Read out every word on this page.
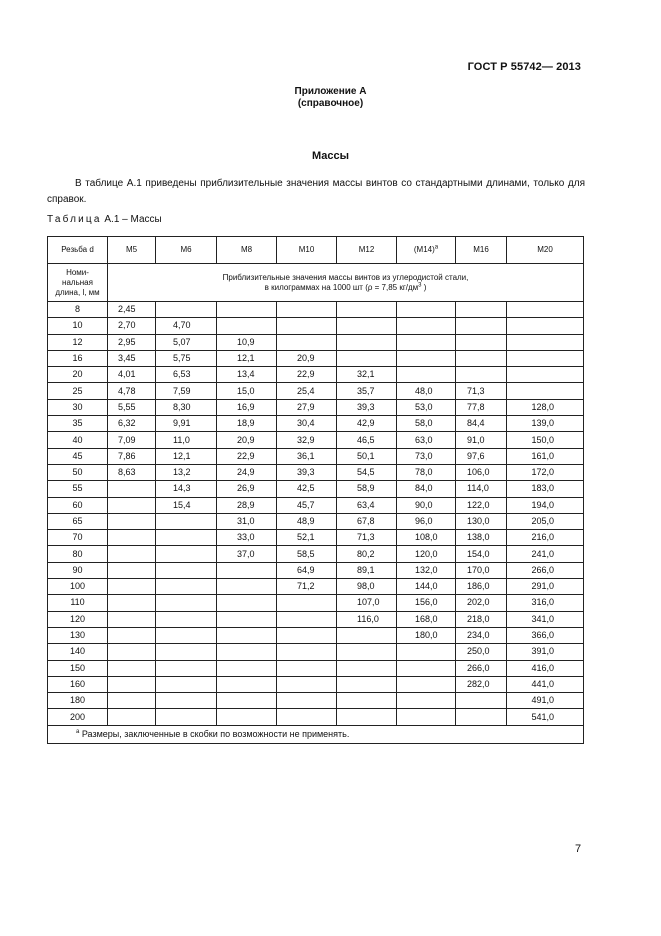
ГОСТ Р 55742— 2013
Приложение А
(справочное)
Массы
В таблице А.1 приведены приблизительные значения массы винтов со стандартными длинами, только для справок.
Таблица А.1 – Массы
Резьба d	M5	M6	M8	M10	M12	$(M14)^a$	M16	M20
Номи-нальная длина, l, мм	Приблизительные значения массы винтов из углеродистой стали,
в килограммах на 1000 шт (ρ = 7,85 $кг/дм^3$ )							

8	2,45							
10	2,70	4,70						
12	2,95	5,07	10,9					
16	3,45	5,75	12,1	20,9				
20	4,01	6,53	13,4	22,9	32,1			
25	4,78	7,59	15,0	25,4	35,7	48,0	71,3	
30	5,55	8,30	16,9	27,9	39,3	53,0	77,8	128,0
35	6,32	9,91	18,9	30,4	42,9	58,0	84,4	139,0
40	7,09	11,0	20,9	32,9	46,5	63,0	91,0	150,0
45	7,86	12,1	22,9	36,1	50,1	73,0	97,6	161,0
50	8,63	13,2	24,9	39,3	54,5	78,0	106,0	172,0
55		14,3	26,9	42,5	58,9	84,0	114,0	183,0
60		15,4	28,9	45,7	63,4	90,0	122,0	194,0
65			31,0	48,9	67,8	96,0	130,0	205,0
70			33,0	52,1	71,3	108,0	138,0	216,0
80			37,0	58,5	80,2	120,0	154,0	241,0
90				64,9	89,1	132,0	170,0	266,0
100				71,2	98,0	144,0	186,0	291,0
110					107,0	156,0	202,0	316,0
120					116,0	168,0	218,0	341,0
130						180,0	234,0	366,0
140							250,0	391,0
150							266,0	416,0
160							282,0	441,0
180								491,0
200								541,0
$^a$ Размеры, заключенные в скобки по возможности не применять.								
7
